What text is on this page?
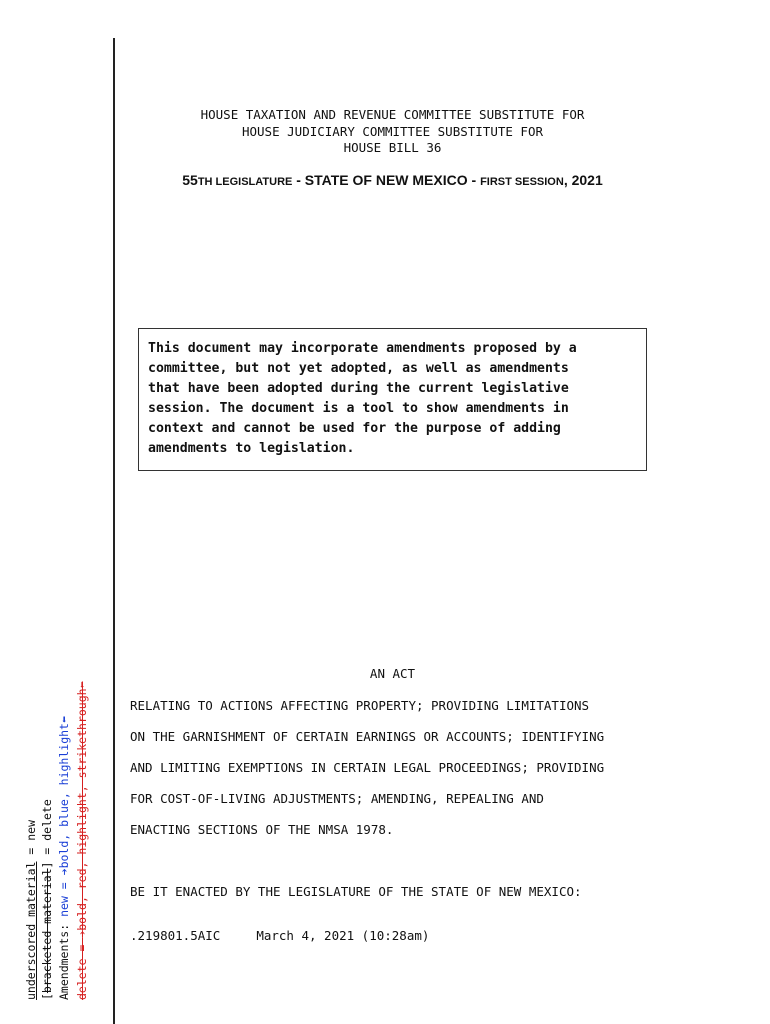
HOUSE TAXATION AND REVENUE COMMITTEE SUBSTITUTE FOR
HOUSE JUDICIARY COMMITTEE SUBSTITUTE FOR
HOUSE BILL 36
55TH LEGISLATURE - STATE OF NEW MEXICO - FIRST SESSION, 2021
This document may incorporate amendments proposed by a
committee, but not yet adopted, as well as amendments
that have been adopted during the current legislative
session. The document is a tool to show amendments in
context and cannot be used for the purpose of adding
amendments to legislation.
AN ACT
RELATING TO ACTIONS AFFECTING PROPERTY; PROVIDING LIMITATIONS
ON THE GARNISHMENT OF CERTAIN EARNINGS OR ACCOUNTS; IDENTIFYING
AND LIMITING EXEMPTIONS IN CERTAIN LEGAL PROCEEDINGS; PROVIDING
FOR COST-OF-LIVING ADJUSTMENTS; AMENDING, REPEALING AND
ENACTING SECTIONS OF THE NMSA 1978.
BE IT ENACTED BY THE LEGISLATURE OF THE STATE OF NEW MEXICO:
.219801.5AIC	March 4, 2021 (10:28am)
underscored material = new
[bracketed material] = delete
Amendments: new = ➔bold, blue, highlight⬅
delete = ➔bold, red, highlight, strikethrough⬅
